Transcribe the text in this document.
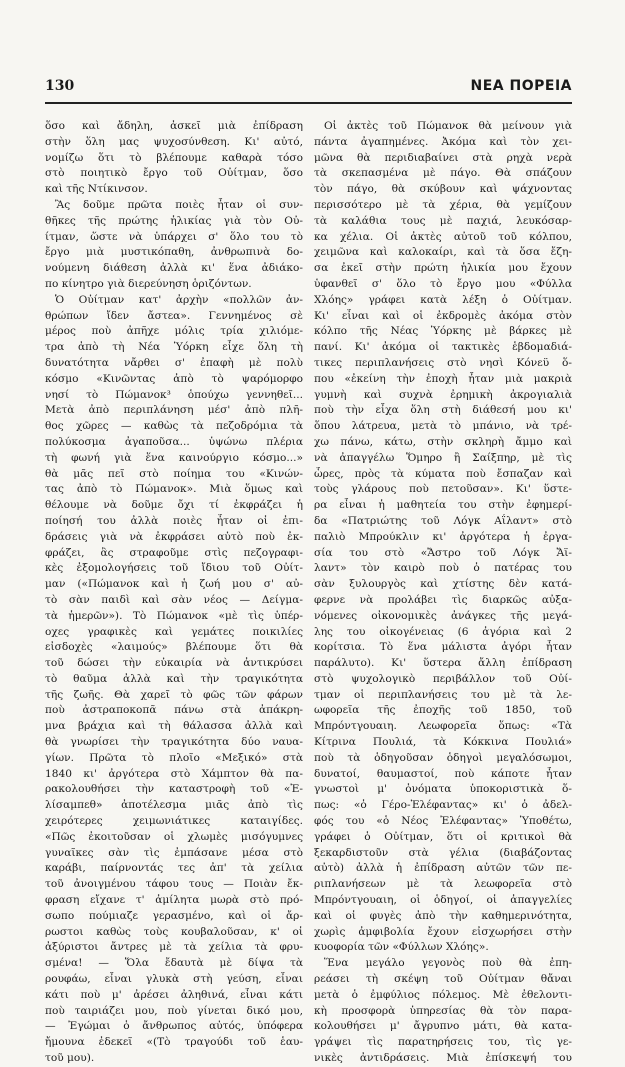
130	ΝΕΑ ΠΟΡΕΙΑ
ὅσο καὶ ἄδηλη, ἀσκεῖ μιὰ ἐπίδραση
στὴν ὅλη μας ψυχοσύνθεση. Κι' αὐτό,
νομίζω ὅτι τὸ βλέπουμε καθαρὰ τόσο
στὸ ποιητικὸ ἔργο τοῦ Οὐίτμαν, ὅσο
καὶ τῆς Ντίκινσον.
Ἂς δοῦμε πρῶτα ποιὲς ἦταν οἱ συν-
θῆκες τῆς πρώτης ἡλικίας γιὰ τὸν Οὐ-
ίτμαν, ὥστε νὰ ὑπάρχει σ' ὅλο του τὸ
ἔργο μιὰ μυστικόπαθη, ἀνθρωπινὰ δο-
νούμενη διάθεση ἀλλὰ κι' ἕνα ἀδιάκο-
πο κίνητρο γιὰ διερεύνηση ὁριζόντων.
Ὁ Οὐίτμαν κατ' ἀρχὴν «πολλῶν ἀν-
θρώπων ἴδεν ἄστεα». Γεννημένος σὲ
μέρος ποὺ ἀπῆχε μόλις τρία χιλιόμε-
τρα ἀπὸ τὴ Νέα Ὑόρκη εἶχε ὅλη τὴ
δυνατότητα νἄρθει σ' ἐπαφὴ μὲ πολὺ
κόσμο «Κινῶντας ἀπὸ τὸ ψαρόμορφο
νησί τὸ Πώμανοκ³ ὁπούχω γεννηθεῖ...
Μετὰ ἀπὸ περιπλάνηση μέσ' ἀπὸ πλῆ-
θος χῶρες — καθὼς τὰ πεζοδρόμια τὰ
πολύκοσμα ἀγαποῦσα... ὑψώνω πλέρια
τὴ φωνή γιὰ ἕνα καινούργιο κόσμο...»
θὰ μᾶς πεῖ στὸ ποίημα του «Κινών-
τας ἀπὸ τὸ Πώμανοκ». Μιὰ ὅμως καὶ
θέλουμε νὰ δοῦμε ὄχι τί ἐκφράζει ἡ
ποίησή του ἀλλὰ ποιὲς ἦταν οἱ ἐπι-
δράσεις γιὰ νὰ ἐκφράσει αὐτὸ ποὺ ἐκ-
φράζει, ἂς στραφοῦμε στὶς πεζογραφι-
κὲς ἐξομολογήσεις τοῦ ἴδιου τοῦ Οὐίτ-
μαν («Πώμανοκ καὶ ἡ ζωή μου σ' αὐ-
τὸ σὰν παιδὶ καὶ σὰν νέος — Δείγμα-
τὰ ἡμερῶν»). Τὸ Πώμανοκ «μὲ τὶς ὑπέρ-
οχες γραφικὲς καὶ γεμάτες ποικιλίες
εἰσδοχὲς «λαιμούς» βλέπουμε ὅτι θὰ
τοῦ δώσει τὴν εὐκαιρία νὰ ἀντικρύσει
τὸ θαῦμα ἀλλὰ καὶ τὴν τραγικότητα
τῆς ζωῆς. Θὰ χαρεῖ τὸ φῶς τῶν φάρων
ποὺ ἀστραποκοπᾶ πάνω στὰ ἀπάκρη-
μνα βράχια καὶ τὴ θάλασσα ἀλλὰ καὶ
θὰ γνωρίσει τὴν τραγικότητα δύο ναυα-
γίων. Πρῶτα τὸ πλοῖο «Μεξικό» στὰ
1840 κι' ἀργότερα στὸ Χάμπτον θὰ πα-
ρακολουθήσει τὴν καταστροφὴ τοῦ «Ἐ-
λίσαμπεθ» ἀποτέλεσμα μιᾶς ἀπὸ τὶς
χειρότερες χειμωνιάτικες καταιγίδες.
«Πῶς ἐκοιτοῦσαν οἱ χλωμὲς μισόγυμνες
γυναῖκες σὰν τὶς ἐμπάσανε μέσα στὸ
καράβι, παίρνοντάς τες ἀπ' τὰ χείλια
τοῦ ἀνοιγμένου τάφου τους — Ποιὰν ἔκ-
φραση εἴχανε τ' ἀμίλητα μωρὰ στὸ πρό-
σωπο πούμιαζε γερασμένο, καὶ οἱ ἄρ-
ρωστοι καθὼς τοὺς κουβαλοῦσαν, κ' οἱ
ἀξύριστοι ἄντρες μὲ τὰ χείλια τὰ φρυ-
σμένα! — Ὅλα ἔδαυτὰ μὲ δίψα τὰ
ρουφάω, εἶναι γλυκὰ στὴ γεύση, εἶναι
κάτι ποὺ μ' ἀρέσει ἀληθινά, εἶναι κάτι
ποὺ ταιριάζει μου, ποὺ γίνεται δικό μου,
— Ἐγώμαι ὁ ἄνθρωπος αὐτός, ὑπόφερα
ἤμουνα ἐδεκεῖ «(Τὸ τραγούδι τοῦ ἑαυ-
τοῦ μου).
Οἱ ἀκτὲς τοῦ Πώμανοκ θὰ μείνουν γιὰ
πάντα ἀγαπημένες. Ἀκόμα καὶ τὸν χει-
μῶνα θὰ περιδιαβαίνει στὰ ρηχὰ νερὰ
τὰ σκεπασμένα μὲ πάγο. Θὰ σπάζουν
τὸν πάγο, θὰ σκύβουν καὶ ψάχνοντας
περισσότερο μὲ τὰ χέρια, θὰ γεμίζουν
τὰ καλάθια τους μὲ παχιά, λευκόσαρ-
κα χέλια. Οἱ ἀκτὲς αὐτοῦ τοῦ κόλπου,
χειμῶνα καὶ καλοκαίρι, καὶ τὰ ὅσα ἔζη-
σα ἐκεῖ στὴν πρώτη ἡλικία μου ἔχουν
ὑφανθεῖ σ' ὅλο τὸ ἔργο μου «Φύλλα
Χλόης» γράφει κατὰ λέξη ὁ Οὐίτμαν.
Κι' εἶναι καὶ οἱ ἐκδρομὲς ἀκόμα στὸν
κόλπο τῆς Νέας Ὑόρκης μὲ βάρκες μὲ
πανί. Κι' ἀκόμα οἱ τακτικὲς ἑβδομαδιά-
τικες περιπλανήσεις στὸ νησὶ Κόνεϋ ὅ-
που «ἐκείνη τὴν ἐποχὴ ἦταν μιὰ μακριὰ
γυμνὴ καὶ συχνὰ ἐρημικὴ ἀκρογιαλιὰ
ποὺ τὴν εἶχα ὅλη στὴ διάθεσή μου κι'
ὅπου λάτρευα, μετὰ τὸ μπάνιο, νὰ τρέ-
χω πάνω, κάτω, στὴν σκληρὴ ἄμμο καὶ
νὰ ἀπαγγέλω Ὅμηρο ἢ Σαίξπηρ, μὲ τὶς
ὧρες, πρὸς τὰ κύματα ποὺ ἔσπαζαν καὶ
τοὺς γλάρους ποὺ πετοῦσαν». Κι' ὕστε-
ρα εἶναι ἡ μαθητεία του στὴν ἐφημερί-
δα «Πατριώτης τοῦ Λόγκ Αΐλαντ» στὸ
παλιὸ Μπρούκλιν κι' ἀργότερα ἡ ἐργα-
σία του στὸ «Ἄστρο τοῦ Λόγκ Ἄϊ-
λαντ» τὸν καιρὸ ποὺ ὁ πατέρας του
σὰν ξυλουργὸς καὶ χτίστης δὲν κατά-
φερνε νὰ προλάβει τὶς διαρκῶς αὐξα-
νόμενες οἰκονομικὲς ἀνάγκες τῆς μεγά-
λης του οἰκογένειας (6 ἀγόρια καὶ 2
κορίτσια. Τὸ ἕνα μάλιστα ἀγόρι ἦταν
παράλυτο). Κι' ὕστερα ἄλλη ἐπίδραση
στὸ ψυχολογικὸ περιβάλλον τοῦ Οὐί-
τμαν οἱ περιπλανήσεις του μὲ τὰ λε-
ωφορεῖα τῆς ἐποχῆς τοῦ 1850, τοῦ
Μπρόντγουαιη. Λεωφορεῖα ὅπως: «Τὰ
Κίτρινα Πουλιά, τὰ Κόκκινα Πουλιά»
ποὺ τὰ ὁδηγοῦσαν ὁδηγοὶ μεγαλόσωμοι,
δυνατοί, θαυμαστοί, ποὺ κάποτε ἦταν
γνωστοὶ μ' ὀνόματα ὑποκοριστικὰ ὅ-
πως: «ὁ Γέρο-Ἐλέφαντας» κι' ὁ ἀδελ-
φός του «ὁ Νέος Ἐλέφαντας» Ὑποθέτω,
γράφει ὁ Οὐίτμαν, ὅτι οἱ κριτικοὶ θὰ
ξεκαρδιστοῦν στὰ γέλια (διαβάζοντας
αὐτὸ) ἀλλὰ ἡ ἐπίδραση αὐτῶν τῶν πε-
ριπλανήσεων μὲ τὰ λεωφορεῖα στὸ
Μπρόντγουαιη, οἱ ὁδηγοί, οἱ ἀπαγγελίες
καὶ οἱ φυγὲς ἀπὸ τὴν καθημερινότητα,
χωρὶς ἀμφιβολία ἔχουν εἰσχωρήσει στὴν
κυοφορία τῶν «Φύλλων Χλόης».
Ἕνα μεγάλο γεγονὸς ποὺ θὰ ἐπη-
ρεάσει τὴ σκέψη τοῦ Οὐίτμαν θἄναι
μετὰ ὁ ἐμφύλιος πόλεμος. Μὲ ἐθελοντι-
κὴ προσφορὰ ὑπηρεσίας θὰ τὸν παρα-
κολουθήσει μ' ἄγρυπνο μάτι, θὰ κατα-
γράψει τὶς παρατηρήσεις του, τὶς γε-
νικὲς ἀντιδράσεις. Μιὰ ἐπίσκεψή του
